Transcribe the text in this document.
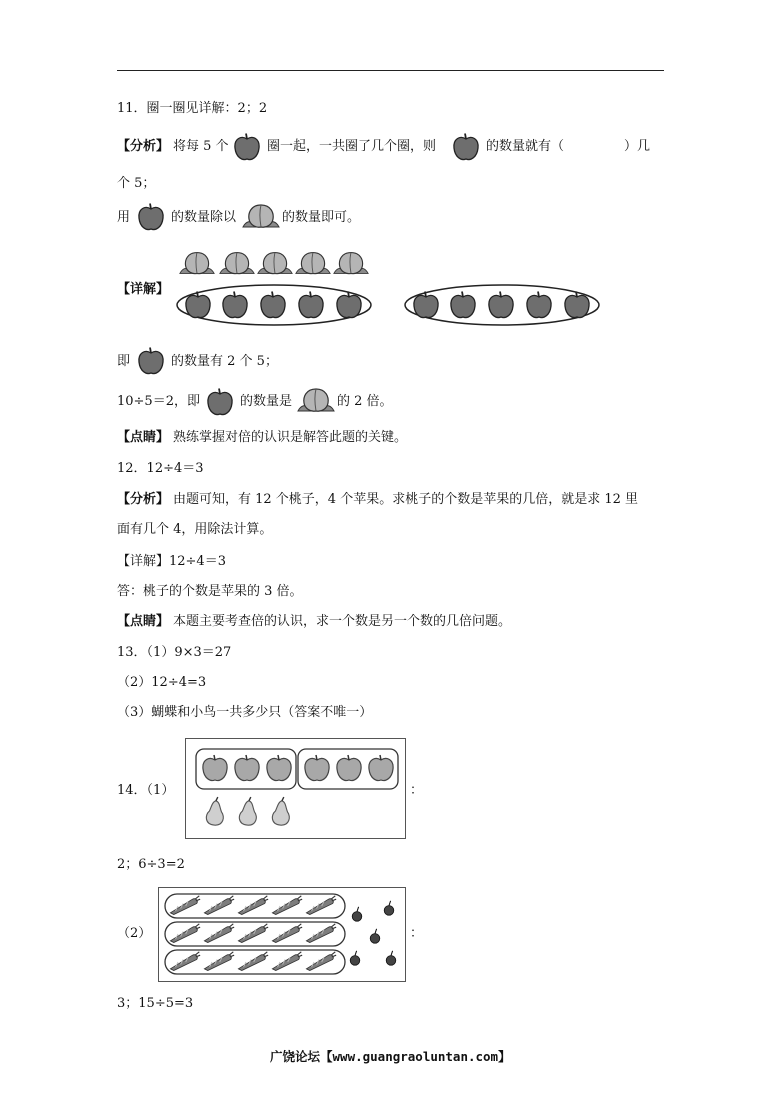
11．圈一圈见详解：2；2
【分析】 将每 5 个	圈一起，一共圈了几个圈，则	的数量就有（	）几
个 5；
用	的数量除以	的数量即可。
【详解】
即	的数量有 2 个 5；
10÷5＝2，即	的数量是	的 2 倍。
【点睛】 熟练掌握对倍的认识是解答此题的关键。
12．12÷4＝3
【分析】 由题可知，有 12 个桃子，4 个苹果。求桃子的个数是苹果的几倍，就是求 12 里
面有几个 4，用除法计算。
【详解】12÷4＝3
答：桃子的个数是苹果的 3 倍。
【点睛】 本题主要考查倍的认识，求一个数是另一个数的几倍问题。
13．（1）9×3＝27
（2）12÷4=3
（3）蝴蝶和小鸟一共多少只（答案不唯一）
14．（1）	：
2；6÷3=2
（2）	：
3；15÷5=3
广饶论坛【www.guangraoluntan.com】
